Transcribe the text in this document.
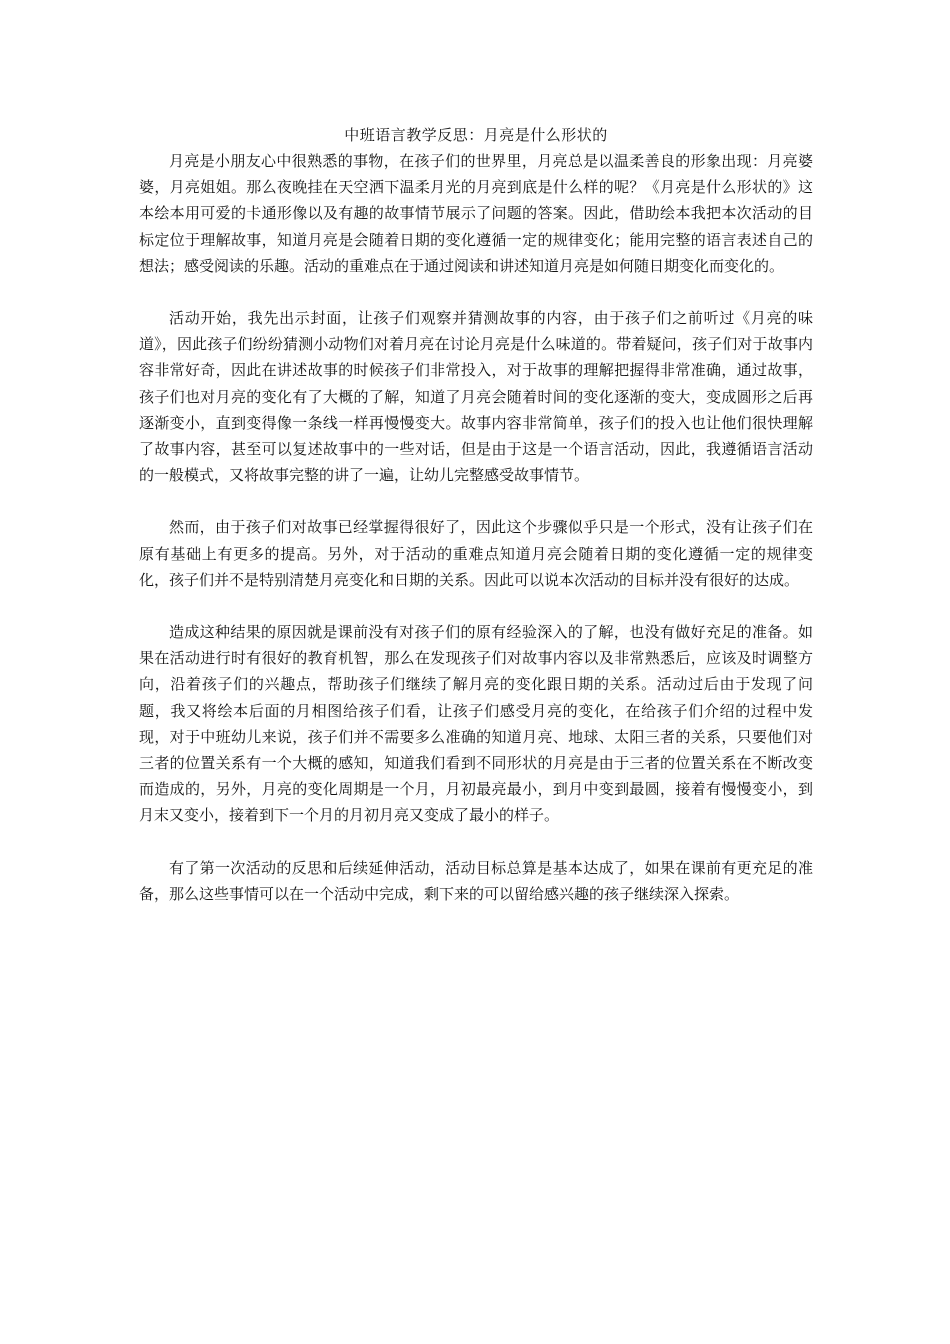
中班语言教学反思：月亮是什么形状的

月亮是小朋友心中很熟悉的事物，在孩子们的世界里，月亮总是以温柔善良的形象出现：月亮婆婆，月亮姐姐。那么夜晚挂在天空洒下温柔月光的月亮到底是什么样的呢？《月亮是什么形状的》这本绘本用可爱的卡通形像以及有趣的故事情节展示了问题的答案。因此，借助绘本我把本次活动的目标定位于理解故事，知道月亮是会随着日期的变化遵循一定的规律变化；能用完整的语言表述自己的想法；感受阅读的乐趣。活动的重难点在于通过阅读和讲述知道月亮是如何随日期变化而变化的。

活动开始，我先出示封面，让孩子们观察并猜测故事的内容，由于孩子们之前听过《月亮的味道》，因此孩子们纷纷猜测小动物们对着月亮在讨论月亮是什么味道的。带着疑问，孩子们对于故事内容非常好奇，因此在讲述故事的时候孩子们非常投入，对于故事的理解把握得非常准确，通过故事，孩子们也对月亮的变化有了大概的了解，知道了月亮会随着时间的变化逐渐的变大，变成圆形之后再逐渐变小，直到变得像一条线一样再慢慢变大。故事内容非常简单，孩子们的投入也让他们很快理解了故事内容，甚至可以复述故事中的一些对话，但是由于这是一个语言活动，因此，我遵循语言活动的一般模式，又将故事完整的讲了一遍，让幼儿完整感受故事情节。

然而，由于孩子们对故事已经掌握得很好了，因此这个步骤似乎只是一个形式，没有让孩子们在原有基础上有更多的提高。另外，对于活动的重难点知道月亮会随着日期的变化遵循一定的规律变化，孩子们并不是特别清楚月亮变化和日期的关系。因此可以说本次活动的目标并没有很好的达成。

造成这种结果的原因就是课前没有对孩子们的原有经验深入的了解，也没有做好充足的准备。如果在活动进行时有很好的教育机智，那么在发现孩子们对故事内容以及非常熟悉后，应该及时调整方向，沿着孩子们的兴趣点，帮助孩子们继续了解月亮的变化跟日期的关系。活动过后由于发现了问题，我又将绘本后面的月相图给孩子们看，让孩子们感受月亮的变化，在给孩子们介绍的过程中发现，对于中班幼儿来说，孩子们并不需要多么准确的知道月亮、地球、太阳三者的关系，只要他们对三者的位置关系有一个大概的感知，知道我们看到不同形状的月亮是由于三者的位置关系在不断改变而造成的，另外，月亮的变化周期是一个月，月初最亮最小，到月中变到最圆，接着有慢慢变小，到月末又变小，接着到下一个月的月初月亮又变成了最小的样子。

有了第一次活动的反思和后续延伸活动，活动目标总算是基本达成了，如果在课前有更充足的准备，那么这些事情可以在一个活动中完成，剩下来的可以留给感兴趣的孩子继续深入探索。
